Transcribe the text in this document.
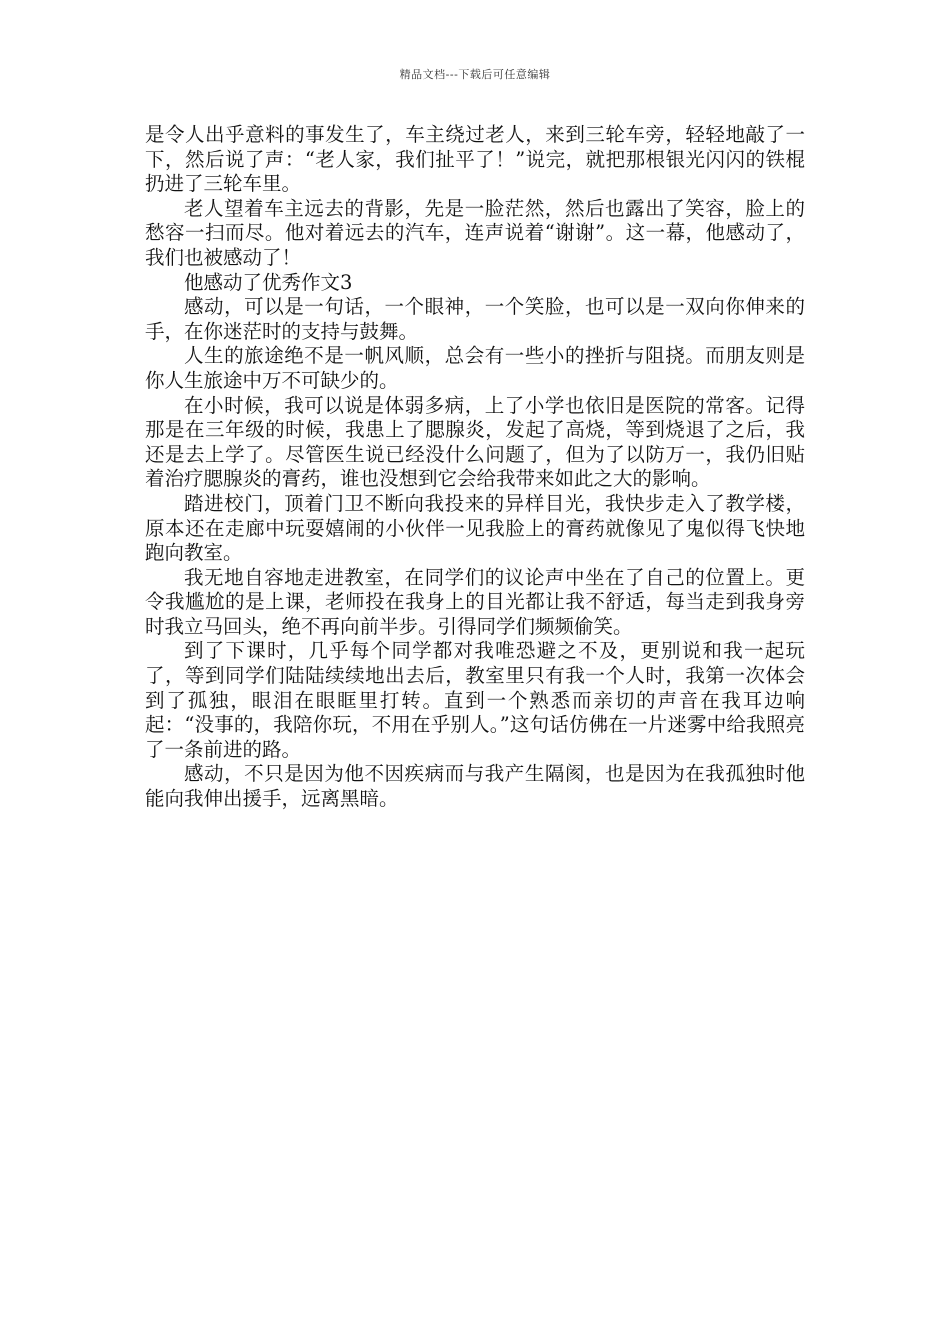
精品文档---下载后可任意编辑

是令人出乎意料的事发生了，车主绕过老人，来到三轮车旁，轻轻地敲了一下，然后说了声：“老人家，我们扯平了！”说完，就把那根银光闪闪的铁棍扔进了三轮车里。

老人望着车主远去的背影，先是一脸茫然，然后也露出了笑容，脸上的愁容一扫而尽。他对着远去的汽车，连声说着“谢谢”。这一幕，他感动了，我们也被感动了！

他感动了优秀作文3

感动，可以是一句话，一个眼神，一个笑脸，也可以是一双向你伸来的手，在你迷茫时的支持与鼓舞。

人生的旅途绝不是一帆风顺，总会有一些小的挫折与阻挠。而朋友则是你人生旅途中万不可缺少的。

在小时候，我可以说是体弱多病，上了小学也依旧是医院的常客。记得那是在三年级的时候，我患上了腮腺炎，发起了高烧，等到烧退了之后，我还是去上学了。尽管医生说已经没什么问题了，但为了以防万一，我仍旧贴着治疗腮腺炎的膏药，谁也没想到它会给我带来如此之大的影响。

踏进校门，顶着门卫不断向我投来的异样目光，我快步走入了教学楼，原本还在走廊中玩耍嬉闹的小伙伴一见我脸上的膏药就像见了鬼似得飞快地跑向教室。

我无地自容地走进教室，在同学们的议论声中坐在了自己的位置上。更令我尴尬的是上课，老师投在我身上的目光都让我不舒适，每当走到我身旁时我立马回头，绝不再向前半步。引得同学们频频偷笑。

到了下课时，几乎每个同学都对我唯恐避之不及，更别说和我一起玩了，等到同学们陆陆续续地出去后，教室里只有我一个人时，我第一次体会到了孤独，眼泪在眼眶里打转。直到一个熟悉而亲切的声音在我耳边响起：“没事的，我陪你玩，不用在乎别人。”这句话仿佛在一片迷雾中给我照亮了一条前进的路。

感动，不只是因为他不因疾病而与我产生隔阂，也是因为在我孤独时他能向我伸出援手，远离黑暗。
